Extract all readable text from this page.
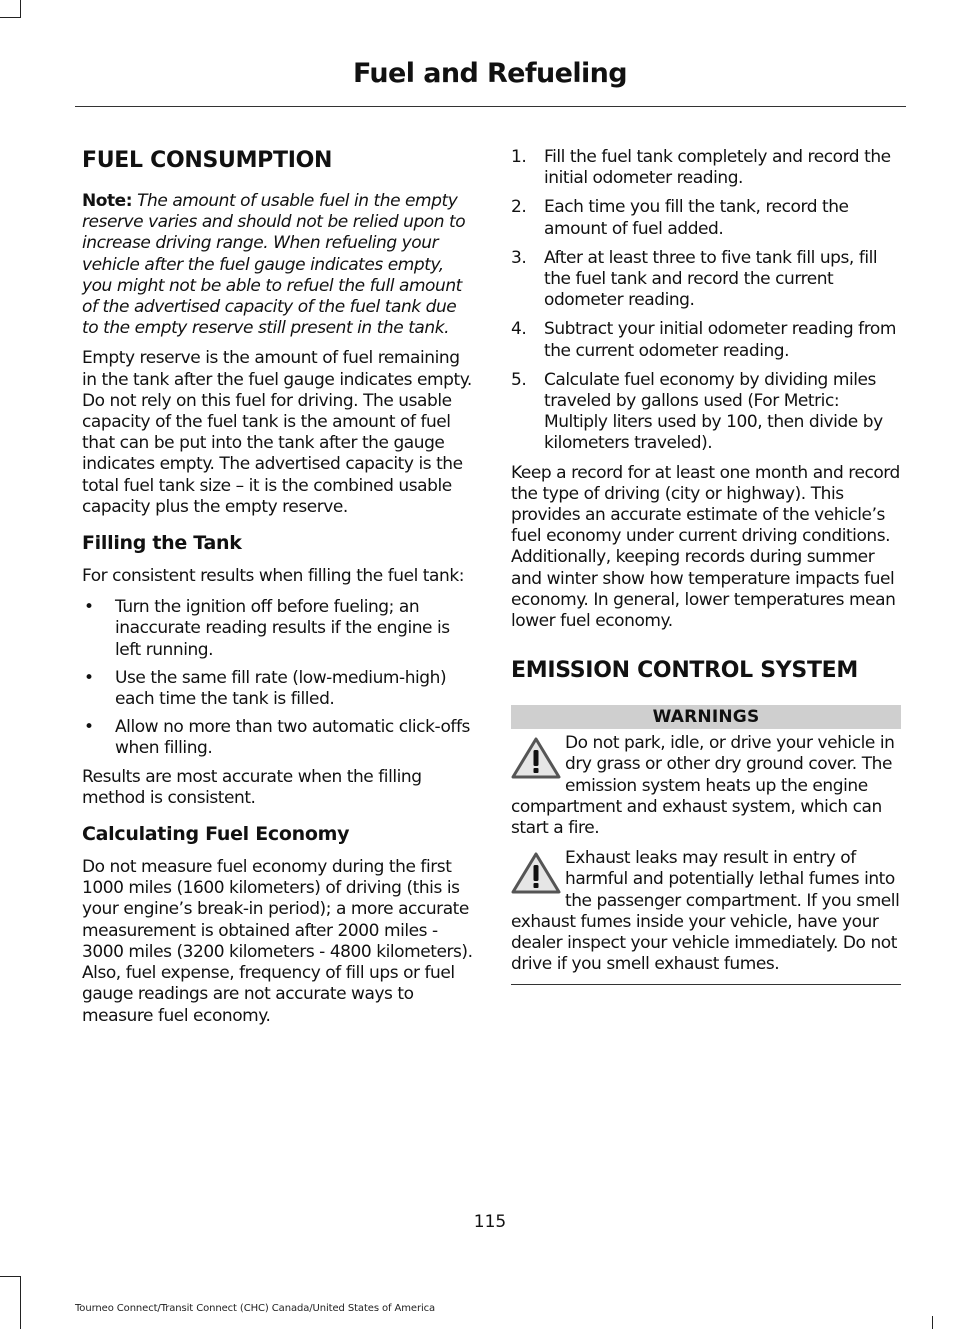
Fuel and Refueling
FUEL CONSUMPTION

Note: The amount of usable fuel in the empty reserve varies and should not be relied upon to increase driving range. When refueling your vehicle after the fuel gauge indicates empty, you might not be able to refuel the full amount of the advertised capacity of the fuel tank due to the empty reserve still present in the tank.

Empty reserve is the amount of fuel remaining in the tank after the fuel gauge indicates empty. Do not rely on this fuel for driving. The usable capacity of the fuel tank is the amount of fuel that can be put into the tank after the gauge indicates empty. The advertised capacity is the total fuel tank size – it is the combined usable capacity plus the empty reserve.

Filling the Tank

For consistent results when filling the fuel tank:

• Turn the ignition off before fueling; an inaccurate reading results if the engine is left running.
• Use the same fill rate (low-medium-high) each time the tank is filled.
• Allow no more than two automatic click-offs when filling.

Results are most accurate when the filling method is consistent.

Calculating Fuel Economy

Do not measure fuel economy during the first 1000 miles (1600 kilometers) of driving (this is your engine’s break-in period); a more accurate measurement is obtained after 2000 miles - 3000 miles (3200 kilometers - 4800 kilometers). Also, fuel expense, frequency of fill ups or fuel gauge readings are not accurate ways to measure fuel economy.

1. Fill the fuel tank completely and record the initial odometer reading.
2. Each time you fill the tank, record the amount of fuel added.
3. After at least three to five tank fill ups, fill the fuel tank and record the current odometer reading.
4. Subtract your initial odometer reading from the current odometer reading.
5. Calculate fuel economy by dividing miles traveled by gallons used (For Metric: Multiply liters used by 100, then divide by kilometers traveled).

Keep a record for at least one month and record the type of driving (city or highway). This provides an accurate estimate of the vehicle’s fuel economy under current driving conditions. Additionally, keeping records during summer and winter show how temperature impacts fuel economy. In general, lower temperatures mean lower fuel economy.

EMISSION CONTROL SYSTEM
WARNINGS
Do not park, idle, or drive your vehicle in dry grass or other dry ground cover. The emission system heats up the engine compartment and exhaust system, which can start a fire.
Exhaust leaks may result in entry of harmful and potentially lethal fumes into the passenger compartment. If you smell exhaust fumes inside your vehicle, have your dealer inspect your vehicle immediately. Do not drive if you smell exhaust fumes.
115
Tourneo Connect/Transit Connect (CHC) Canada/United States of America
